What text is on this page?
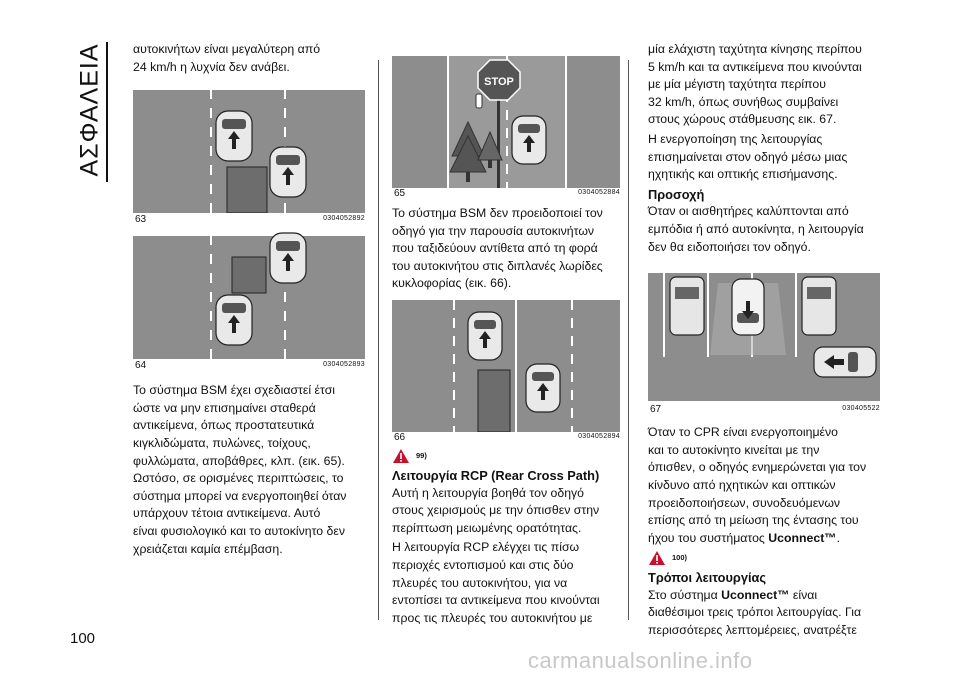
ΑΣΦΑΛΕΙΑ
100

αυτοκινήτων είναι μεγαλύτερη από

24 km/h η λυχνία δεν ανάβει.

63	0304052892
64	0304052893

Το σύστημα BSM έχει σχεδιαστεί έτσι

ώστε να μην επισημαίνει σταθερά

αντικείμενα, όπως προστατευτικά

κιγκλιδώματα, πυλώνες, τοίχους,

φυλλώματα, αποβάθρες, κλπ. (εικ. 65).

Ωστόσο, σε ορισμένες περιπτώσεις, το

σύστημα μπορεί να ενεργοποιηθεί όταν

υπάρχουν τέτοια αντικείμενα. Αυτό

είναι φυσιολογικό και το αυτοκίνητο δεν

χρειάζεται καμία επέμβαση.

STOP
65	0304052884

Το σύστημα BSM δεν προειδοποιεί τον

οδηγό για την παρουσία αυτοκινήτων

που ταξιδεύουν αντίθετα από τη φορά

του αυτοκινήτου στις διπλανές λωρίδες

κυκλοφορίας (εικ. 66).

66	0304052894
99)

Λειτουργία RCP (Rear Cross Path)

Αυτή η λειτουργία βοηθά τον οδηγό

στους χειρισμούς με την όπισθεν στην

περίπτωση μειωμένης ορατότητας.

Η λειτουργία RCP ελέγχει τις πίσω

περιοχές εντοπισμού και στις δύο

πλευρές του αυτοκινήτου, για να

εντοπίσει τα αντικείμενα που κινούνται

προς τις πλευρές του αυτοκινήτου με

μία ελάχιστη ταχύτητα κίνησης περίπου

5 km/h και τα αντικείμενα που κινούνται

με μία μέγιστη ταχύτητα περίπου

32 km/h, όπως συνήθως συμβαίνει

στους χώρους στάθμευσης εικ. 67.

Η ενεργοποίηση της λειτουργίας

επισημαίνεται στον οδηγό μέσω μιας

ηχητικής και οπτικής επισήμανσης.

Προσοχή

Όταν οι αισθητήρες καλύπτονται από

εμπόδια ή από αυτοκίνητα, η λειτουργία

δεν θα ειδοποιήσει τον οδηγό.

67	030405522

Όταν το CPR είναι ενεργοποιημένο

και το αυτοκίνητο κινείται με την

όπισθεν, ο οδηγός ενημερώνεται για τον

κίνδυνο από ηχητικών και οπτικών

προειδοποιήσεων, συνοδευόμενων

επίσης από τη μείωση της έντασης του

ήχου του συστήματος Uconnect™.

100)

Τρόποι λειτουργίας

Στο σύστημα Uconnect™ είναι

διαθέσιμοι τρεις τρόποι λειτουργίας. Για

περισσότερες λεπτομέρειες, ανατρέξτε

carmanualsonline.info
